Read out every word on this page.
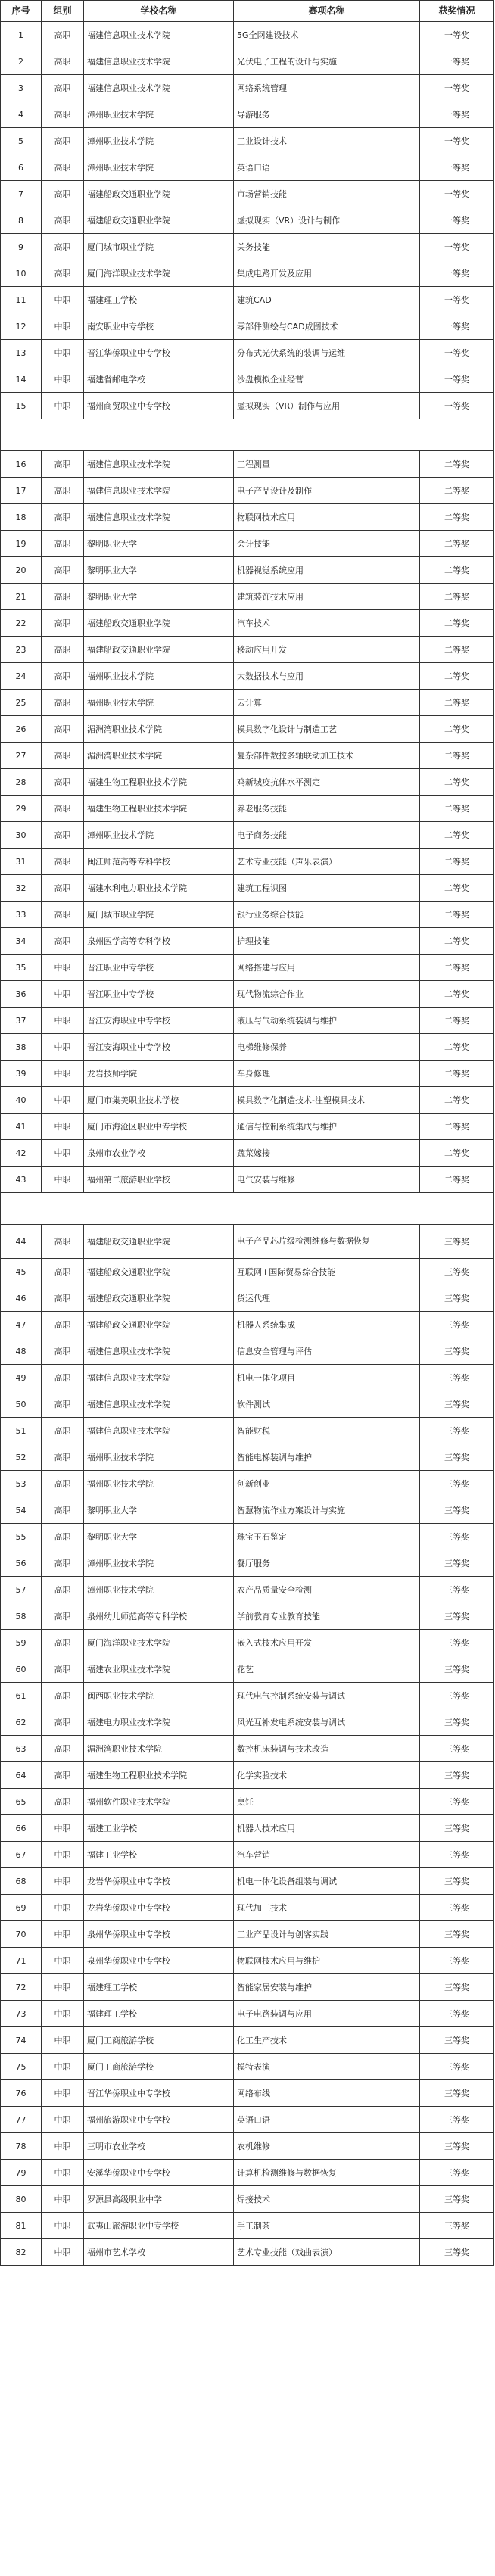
序号	组别	学校名称	赛项名称	获奖情况
1	高职	福建信息职业技术学院	5G全网建设技术	一等奖
2	高职	福建信息职业技术学院	光伏电子工程的设计与实施	一等奖
3	高职	福建信息职业技术学院	网络系统管理	一等奖
4	高职	漳州职业技术学院	导游服务	一等奖
5	高职	漳州职业技术学院	工业设计技术	一等奖
6	高职	漳州职业技术学院	英语口语	一等奖
7	高职	福建船政交通职业学院	市场营销技能	一等奖
8	高职	福建船政交通职业学院	虚拟现实（VR）设计与制作	一等奖
9	高职	厦门城市职业学院	关务技能	一等奖
10	高职	厦门海洋职业技术学院	集成电路开发及应用	一等奖
11	中职	福建理工学校	建筑CAD	一等奖
12	中职	南安职业中专学校	零部件测绘与CAD成图技术	一等奖
13	中职	晋江华侨职业中专学校	分布式光伏系统的装调与运维	一等奖
14	中职	福建省邮电学校	沙盘模拟企业经营	一等奖
15	中职	福州商贸职业中专学校	虚拟现实（VR）制作与应用	一等奖

16	高职	福建信息职业技术学院	工程测量	二等奖
17	高职	福建信息职业技术学院	电子产品设计及制作	二等奖
18	高职	福建信息职业技术学院	物联网技术应用	二等奖
19	高职	黎明职业大学	会计技能	二等奖
20	高职	黎明职业大学	机器视觉系统应用	二等奖
21	高职	黎明职业大学	建筑装饰技术应用	二等奖
22	高职	福建船政交通职业学院	汽车技术	二等奖
23	高职	福建船政交通职业学院	移动应用开发	二等奖
24	高职	福州职业技术学院	大数据技术与应用	二等奖
25	高职	福州职业技术学院	云计算	二等奖
26	高职	湄洲湾职业技术学院	模具数字化设计与制造工艺	二等奖
27	高职	湄洲湾职业技术学院	复杂部件数控多轴联动加工技术	二等奖
28	高职	福建生物工程职业技术学院	鸡新城疫抗体水平测定	二等奖
29	高职	福建生物工程职业技术学院	养老服务技能	二等奖
30	高职	漳州职业技术学院	电子商务技能	二等奖
31	高职	闽江师范高等专科学校	艺术专业技能（声乐表演）	二等奖
32	高职	福建水利电力职业技术学院	建筑工程识图	二等奖
33	高职	厦门城市职业学院	银行业务综合技能	二等奖
34	高职	泉州医学高等专科学校	护理技能	二等奖
35	中职	晋江职业中专学校	网络搭建与应用	二等奖
36	中职	晋江职业中专学校	现代物流综合作业	二等奖
37	中职	晋江安海职业中专学校	液压与气动系统装调与维护	二等奖
38	中职	晋江安海职业中专学校	电梯维修保养	二等奖
39	中职	龙岩技师学院	车身修理	二等奖
40	中职	厦门市集美职业技术学校	模具数字化制造技术-注塑模具技术	二等奖
41	中职	厦门市海沧区职业中专学校	通信与控制系统集成与维护	二等奖
42	中职	泉州市农业学校	蔬菜嫁接	二等奖
43	中职	福州第二旅游职业学校	电气安装与维修	二等奖

44	高职	福建船政交通职业学院	电子产品芯片级检测维修与数据恢复	三等奖
45	高职	福建船政交通职业学院	互联网+国际贸易综合技能	三等奖
46	高职	福建船政交通职业学院	货运代理	三等奖
47	高职	福建船政交通职业学院	机器人系统集成	三等奖
48	高职	福建信息职业技术学院	信息安全管理与评估	三等奖
49	高职	福建信息职业技术学院	机电一体化项目	三等奖
50	高职	福建信息职业技术学院	软件测试	三等奖
51	高职	福建信息职业技术学院	智能财税	三等奖
52	高职	福州职业技术学院	智能电梯装调与维护	三等奖
53	高职	福州职业技术学院	创新创业	三等奖
54	高职	黎明职业大学	智慧物流作业方案设计与实施	三等奖
55	高职	黎明职业大学	珠宝玉石鉴定	三等奖
56	高职	漳州职业技术学院	餐厅服务	三等奖
57	高职	漳州职业技术学院	农产品质量安全检测	三等奖
58	高职	泉州幼儿师范高等专科学校	学前教育专业教育技能	三等奖
59	高职	厦门海洋职业技术学院	嵌入式技术应用开发	三等奖
60	高职	福建农业职业技术学院	花艺	三等奖
61	高职	闽西职业技术学院	现代电气控制系统安装与调试	三等奖
62	高职	福建电力职业技术学院	风光互补发电系统安装与调试	三等奖
63	高职	湄洲湾职业技术学院	数控机床装调与技术改造	三等奖
64	高职	福建生物工程职业技术学院	化学实验技术	三等奖
65	高职	福州软件职业技术学院	烹饪	三等奖
66	中职	福建工业学校	机器人技术应用	三等奖
67	中职	福建工业学校	汽车营销	三等奖
68	中职	龙岩华侨职业中专学校	机电一体化设备组装与调试	三等奖
69	中职	龙岩华侨职业中专学校	现代加工技术	三等奖
70	中职	泉州华侨职业中专学校	工业产品设计与创客实践	三等奖
71	中职	泉州华侨职业中专学校	物联网技术应用与维护	三等奖
72	中职	福建理工学校	智能家居安装与维护	三等奖
73	中职	福建理工学校	电子电路装调与应用	三等奖
74	中职	厦门工商旅游学校	化工生产技术	三等奖
75	中职	厦门工商旅游学校	模特表演	三等奖
76	中职	晋江华侨职业中专学校	网络布线	三等奖
77	中职	福州旅游职业中专学校	英语口语	三等奖
78	中职	三明市农业学校	农机维修	三等奖
79	中职	安溪华侨职业中专学校	计算机检测维修与数据恢复	三等奖
80	中职	罗源县高级职业中学	焊接技术	三等奖
81	中职	武夷山旅游职业中专学校	手工制茶	三等奖
82	中职	福州市艺术学校	艺术专业技能（戏曲表演）	三等奖
